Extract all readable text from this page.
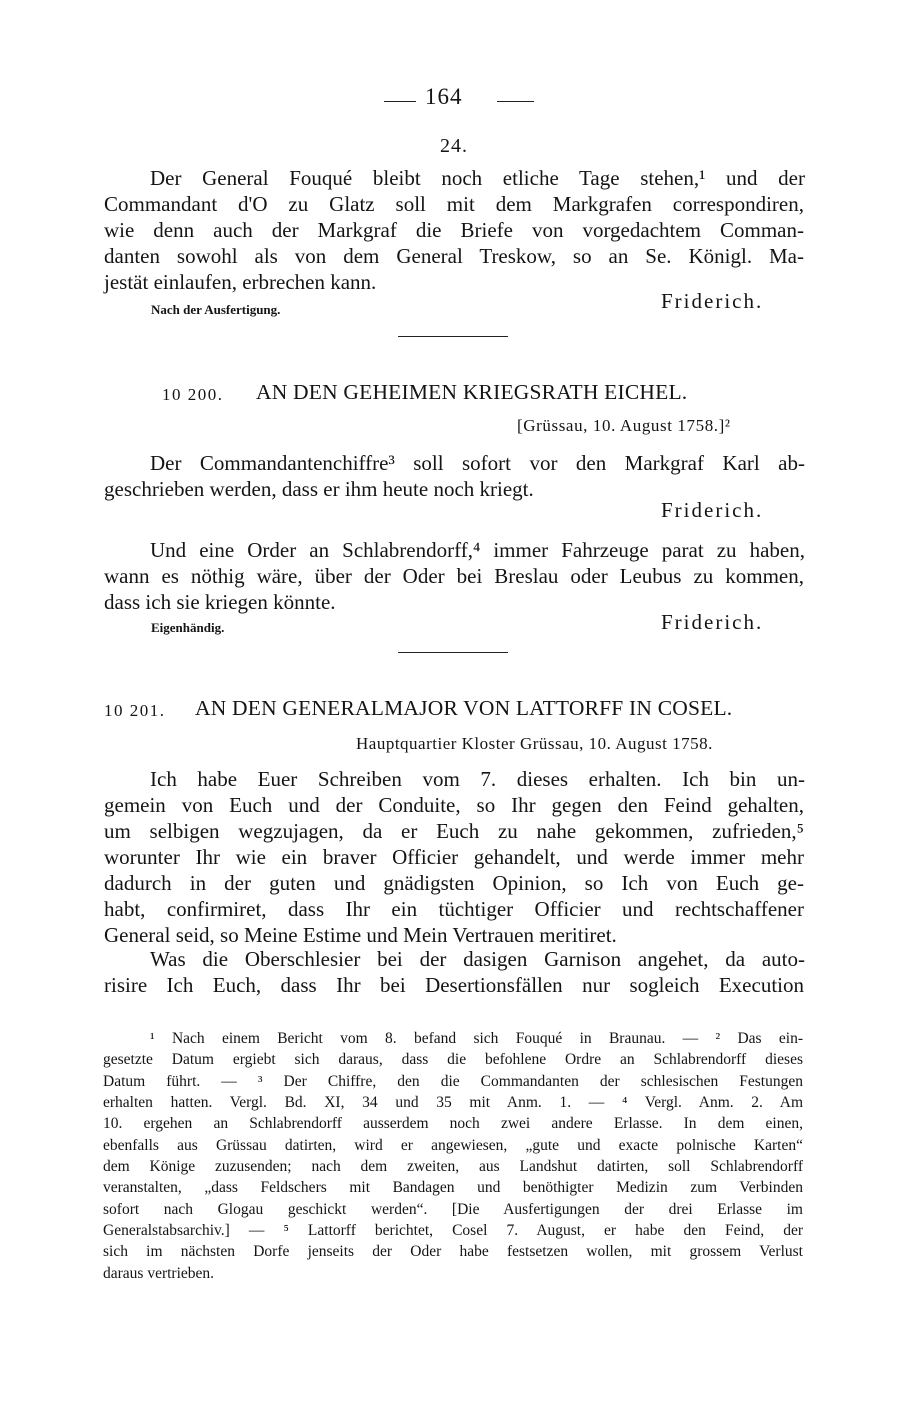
164
24.
Der General Fouqué bleibt noch etliche Tage stehen,¹ und der
Commandant d'O zu Glatz soll mit dem Markgrafen correspondiren,
wie denn auch der Markgraf die Briefe von vorgedachtem Comman-
danten sowohl als von dem General Treskow, so an Se. Königl. Ma-
jestät einlaufen, erbrechen kann.
Nach der Ausfertigung.	Friderich.
10 200. AN DEN GEHEIMEN KRIEGSRATH EICHEL.
[Grüssau, 10. August 1758.]²
Der Commandantenchiffre³ soll sofort vor den Markgraf Karl ab-
geschrieben werden, dass er ihm heute noch kriegt.
Friderich.
Und eine Order an Schlabrendorff,⁴ immer Fahrzeuge parat zu haben,
wann es nöthig wäre, über der Oder bei Breslau oder Leubus zu kommen,
dass ich sie kriegen könnte.
Eigenhändig.	Friderich.
10 201. AN DEN GENERALMAJOR VON LATTORFF IN COSEL.
Hauptquartier Kloster Grüssau, 10. August 1758.
Ich habe Euer Schreiben vom 7. dieses erhalten. Ich bin un-
gemein von Euch und der Conduite, so Ihr gegen den Feind gehalten,
um selbigen wegzujagen, da er Euch zu nahe gekommen, zufrieden,⁵
worunter Ihr wie ein braver Officier gehandelt, und werde immer mehr
dadurch in der guten und gnädigsten Opinion, so Ich von Euch ge-
habt, confirmiret, dass Ihr ein tüchtiger Officier und rechtschaffener
General seid, so Meine Estime und Mein Vertrauen meritiret.
Was die Oberschlesier bei der dasigen Garnison angehet, da auto-
risire Ich Euch, dass Ihr bei Desertionsfällen nur sogleich Execution
¹ Nach einem Bericht vom 8. befand sich Fouqué in Braunau. — ² Das ein-
gesetzte Datum ergiebt sich daraus, dass die befohlene Ordre an Schlabrendorff dieses
Datum führt. — ³ Der Chiffre, den die Commandanten der schlesischen Festungen
erhalten hatten. Vergl. Bd. XI, 34 und 35 mit Anm. 1. — ⁴ Vergl. Anm. 2. Am
10. ergehen an Schlabrendorff ausserdem noch zwei andere Erlasse. In dem einen,
ebenfalls aus Grüssau datirten, wird er angewiesen, „gute und exacte polnische Karten“
dem Könige zuzusenden; nach dem zweiten, aus Landshut datirten, soll Schlabrendorff
veranstalten, „dass Feldschers mit Bandagen und benöthigter Medizin zum Verbinden
sofort nach Glogau geschickt werden“. [Die Ausfertigungen der drei Erlasse im
Generalstabsarchiv.] — ⁵ Lattorff berichtet, Cosel 7. August, er habe den Feind, der
sich im nächsten Dorfe jenseits der Oder habe festsetzen wollen, mit grossem Verlust
daraus vertrieben.
